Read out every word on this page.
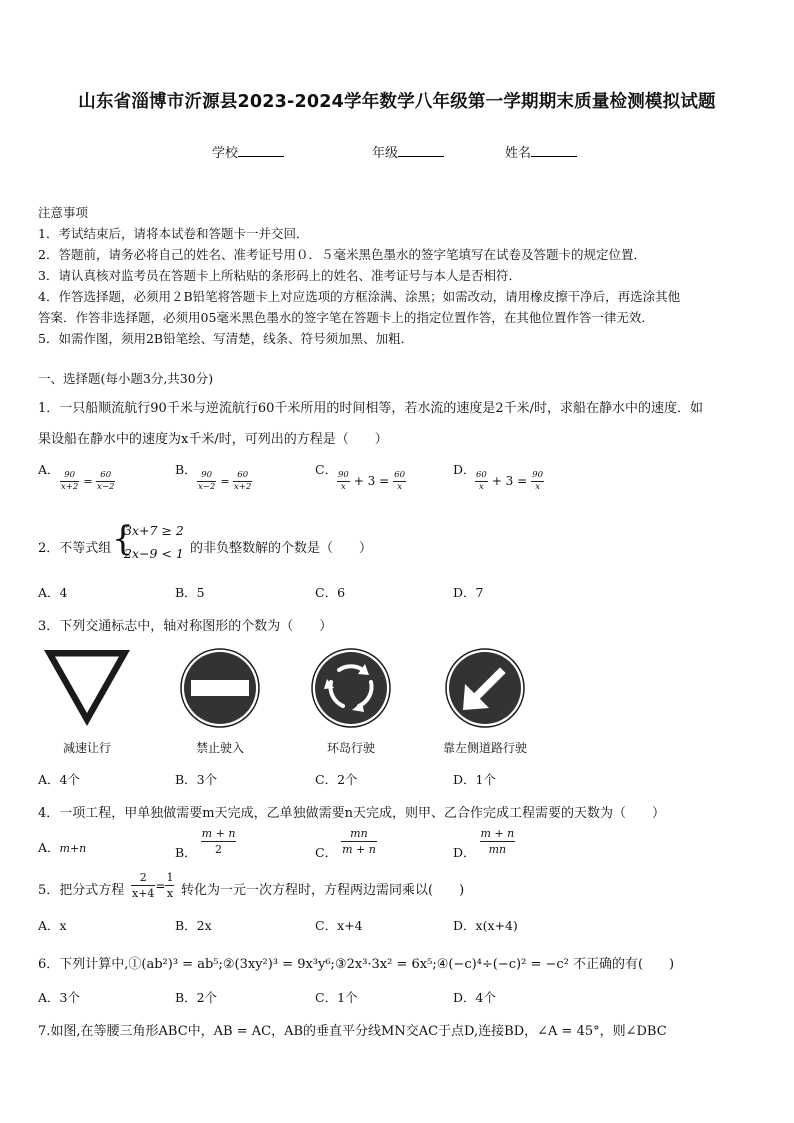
山东省淄博市沂源县2023-2024学年数学八年级第一学期期末质量检测模拟试题
学校	年级	姓名
注意事项
1．考试结束后，请将本试卷和答题卡一并交回．
2．答题前，请务必将自己的姓名、准考证号用０．５毫米黑色墨水的签字笔填写在试卷及答题卡的规定位置．
3．请认真核对监考员在答题卡上所粘贴的条形码上的姓名、准考证号与本人是否相符．
4．作答选择题，必须用２B铅笔将答题卡上对应选项的方框涂满、涂黑；如需改动，请用橡皮擦干净后，再选涂其他
答案．作答非选择题，必须用05毫米黑色墨水的签字笔在答题卡上的指定位置作答，在其他位置作答一律无效．
5．如需作图，须用2B铅笔绘、写清楚，线条、符号须加黑、加粗．
一、选择题(每小题3分,共30分)
1．一只船顺流航行90千米与逆流航行60千米所用的时间相等，若水流的速度是2千米/时，求船在静水中的速度．如
果设船在静水中的速度为x千米/时，可列出的方程是（　　）
A．
$\frac{90}{x+2} = \frac{60}{x-2}$
B．
$\frac{90}{x-2} = \frac{60}{x+2}$
C．
$\frac{90}{x} + 3 = \frac{60}{x}$
D．
$\frac{60}{x} + 3 = \frac{90}{x}$
2．不等式组 {
3x+7 ≥ 2
2x−9 < 1 的非负整数解的个数是（　　）
A．4	B．5	C．6	D．7
3．下列交通标志中，轴对称图形的个数为（　　）
减速让行	禁止驶入	环岛行驶	靠左侧道路行驶
A．4个	B．3个	C．2个	D．1个
4．一项工程，甲单独做需要m天完成，乙单独做需要n天完成，则甲、乙合作完成工程需要的天数为（　　）
A．m+n	B． $\frac{m + n}{2}$	C． $\frac{mn}{m + n}$	D． $\frac{m + n}{mn}$
5．把分式方程 $\frac{2}{x+4} = \frac{1}{x}$ 转化为一元一次方程时，方程两边需同乘以(　　)
A．x	B．2x	C．x+4	D．x(x+4)
6．下列计算中,①(ab²)³ = ab⁵;②(3xy²)³ = 9x³y⁶;③2x³·3x² = 6x⁵;④(−c)⁴÷(−c)² = −c² 不正确的有(　　)
A．3个	B．2个	C．1个	D．4个
7.如图,在等腰三角形ABC中，AB = AC，AB的垂直平分线MN交AC于点D,连接BD，∠A = 45°，则∠DBC
